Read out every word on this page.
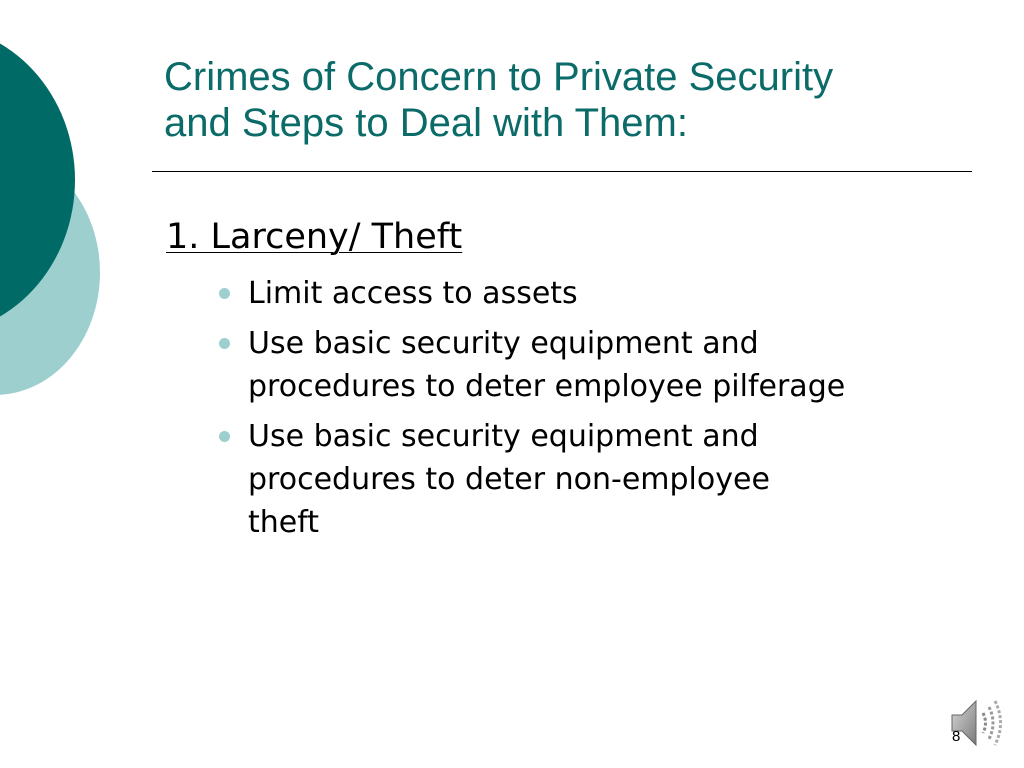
Crimes of Concern to Private Security
and Steps to Deal with Them:
1. Larceny/ Theft
Limit access to assets
Use basic security equipment and
procedures to deter employee pilferage
Use basic security equipment and
procedures to deter non-employee
theft
8
